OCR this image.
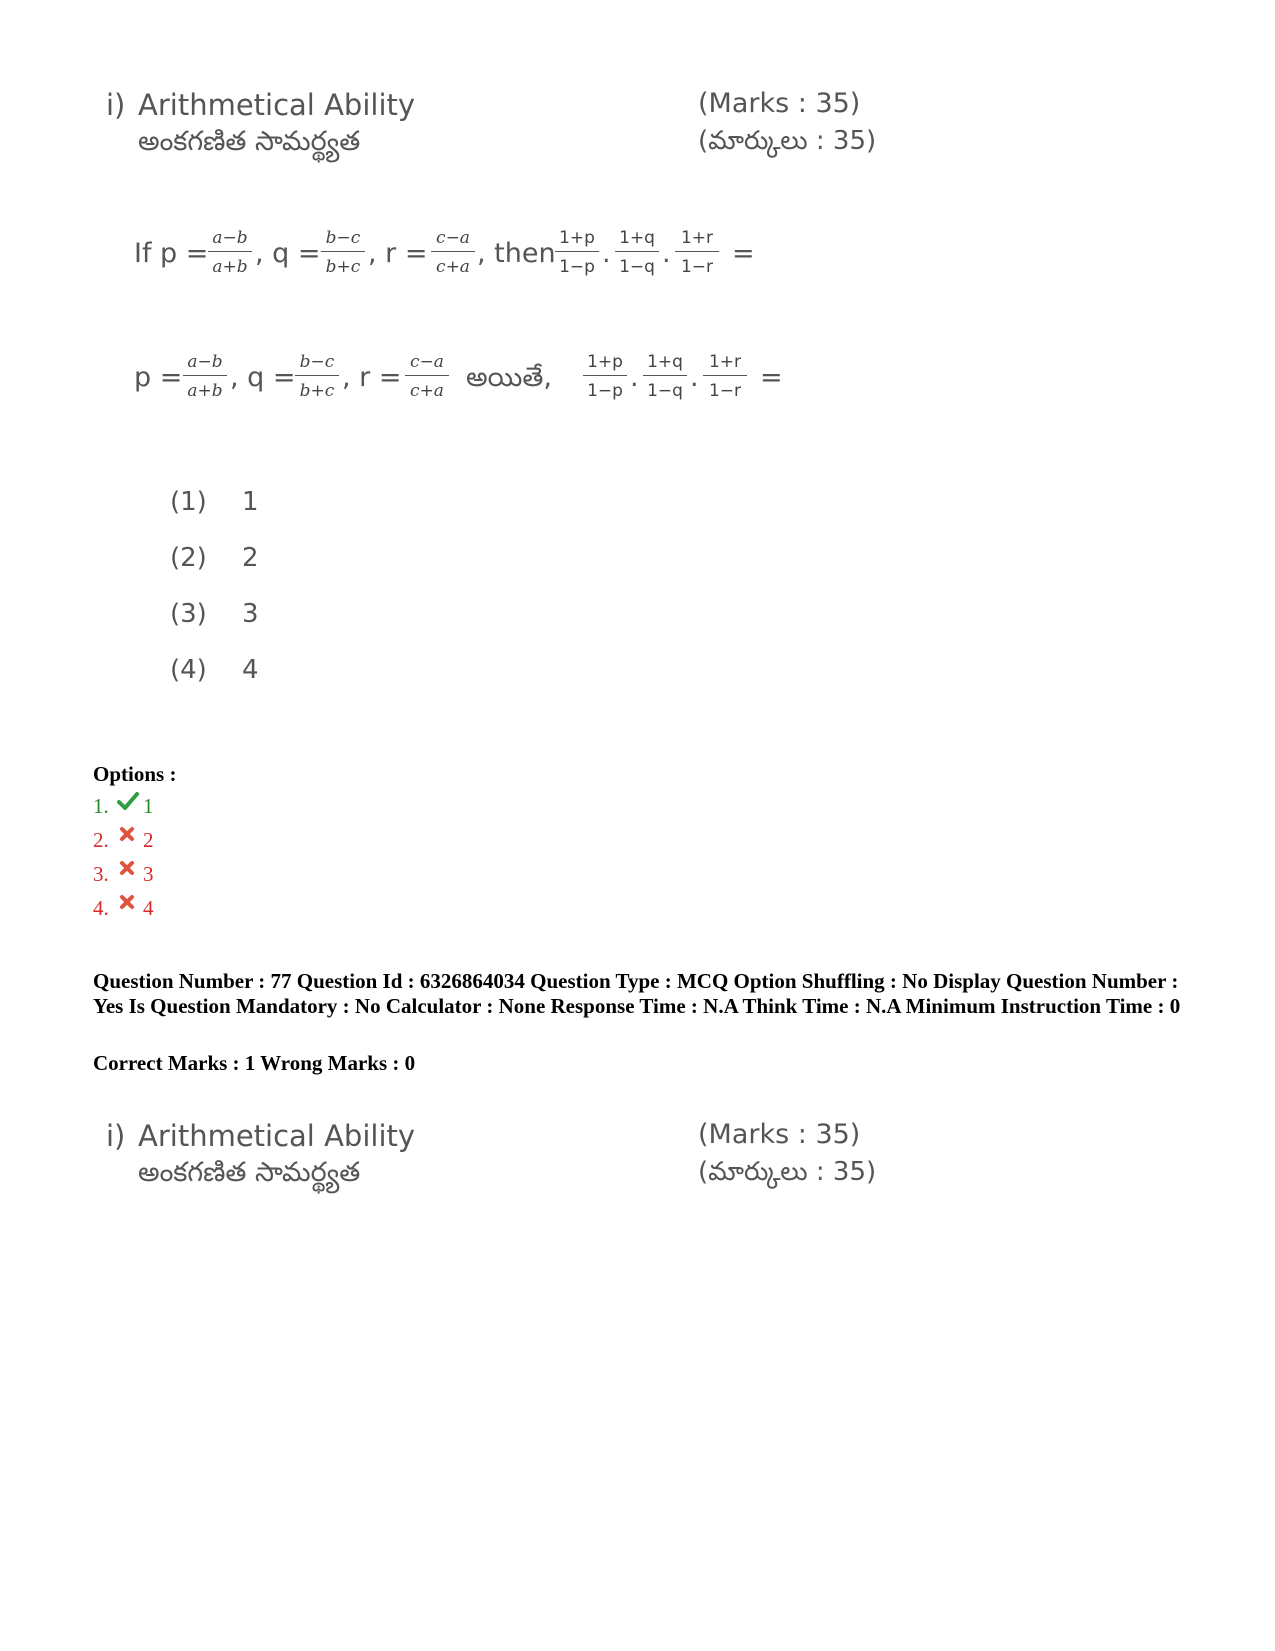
i) Arithmetical Ability
అంకగణిత సామర్థ్యత
(Marks : 35)
(మార్కులు : 35)
If p = a−b
a+b , q = b−c
b+c , r = c−a
c+a , then 1+p
1−p . 1+q
1−q . 1+r
1−r =
p = a−b
a+b , q = b−c
b+c , r = c−a
c+a అయితే,	1+p
1−p . 1+q
1−q . 1+r
1−r =
(1) 1
(2) 2
(3) 3
(4) 4
Options :
1. 1
2. 2
3. 3
4. 4
Question Number : 77 Question Id : 6326864034 Question Type : MCQ Option Shuffling : No Display Question Number : Yes Is Question Mandatory : No Calculator : None Response Time : N.A Think Time : N.A Minimum Instruction Time : 0
Correct Marks : 1 Wrong Marks : 0
i) Arithmetical Ability
అంకగణిత సామర్థ్యత
(Marks : 35)
(మార్కులు : 35)
